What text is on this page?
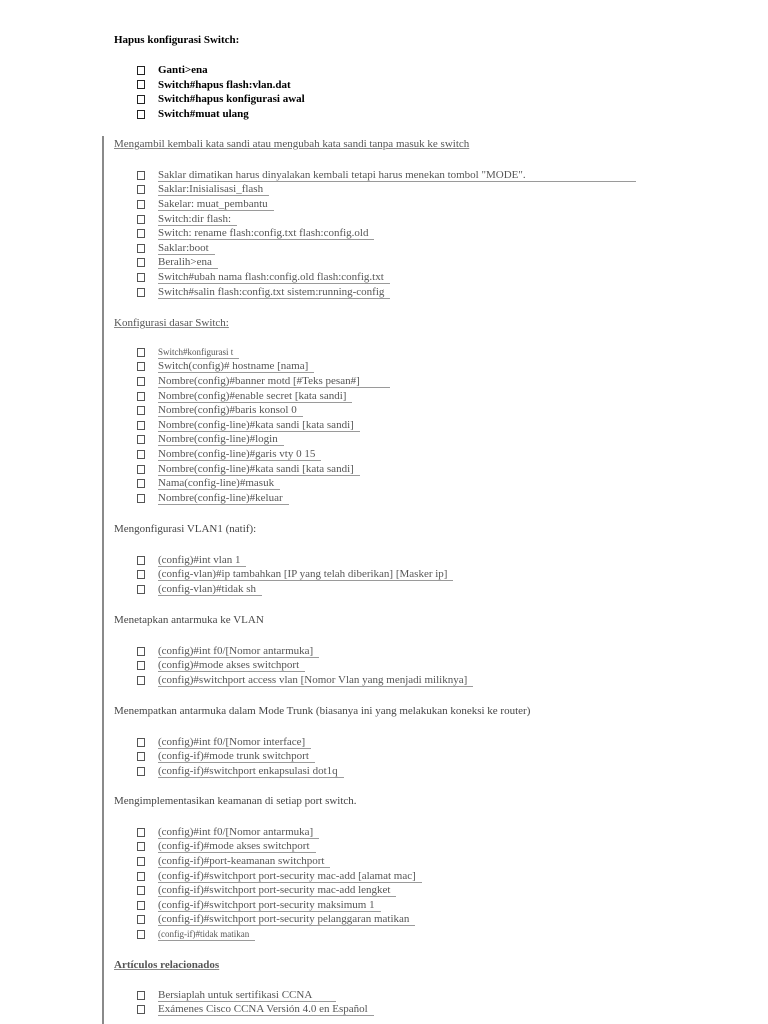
Hapus konfigurasi Switch:
Ganti>ena
Switch#hapus flash:vlan.dat
Switch#hapus konfigurasi awal
Switch#muat ulang
Mengambil kembali kata sandi atau mengubah kata sandi tanpa masuk ke switch
Saklar dimatikan harus dinyalakan kembali tetapi harus menekan tombol "MODE".
Saklar:Inisialisasi_flash
Sakelar: muat_pembantu
Switch:dir flash:
Switch: rename flash:config.txt flash:config.old
Saklar:boot
Beralih>ena
Switch#ubah nama flash:config.old flash:config.txt
Switch#salin flash:config.txt sistem:running-config
Konfigurasi dasar Switch:
Switch#konfigurasi t
Switch(config)# hostname [nama]
Nombre(config)#banner motd [#Teks pesan#]
Nombre(config)#enable secret [kata sandi]
Nombre(config)#baris konsol 0
Nombre(config-line)#kata sandi [kata sandi]
Nombre(config-line)#login
Nombre(config-line)#garis vty 0 15
Nombre(config-line)#kata sandi [kata sandi]
Nama(config-line)#masuk
Nombre(config-line)#keluar
Mengonfigurasi VLAN1 (natif):
(config)#int vlan 1
(config-vlan)#ip tambahkan [IP yang telah diberikan] [Masker ip]
(config-vlan)#tidak sh
Menetapkan antarmuka ke VLAN
(config)#int f0/[Nomor antarmuka]
(config)#mode akses switchport
(config)#switchport access vlan [Nomor Vlan yang menjadi miliknya]
Menempatkan antarmuka dalam Mode Trunk (biasanya ini yang melakukan koneksi ke router)
(config)#int f0/[Nomor interface]
(config-if)#mode trunk switchport
(config-if)#switchport enkapsulasi dot1q
Mengimplementasikan keamanan di setiap port switch.
(config)#int f0/[Nomor antarmuka]
(config-if)#mode akses switchport
(config-if)#port-keamanan switchport
(config-if)#switchport port-security mac-add [alamat mac]
(config-if)#switchport port-security mac-add lengket
(config-if)#switchport port-security maksimum 1
(config-if)#switchport port-security pelanggaran matikan
(config-if)#tidak matikan
Artículos relacionados
Bersiaplah untuk sertifikasi CCNA
Exámenes Cisco CCNA Versión 4.0 en Español
